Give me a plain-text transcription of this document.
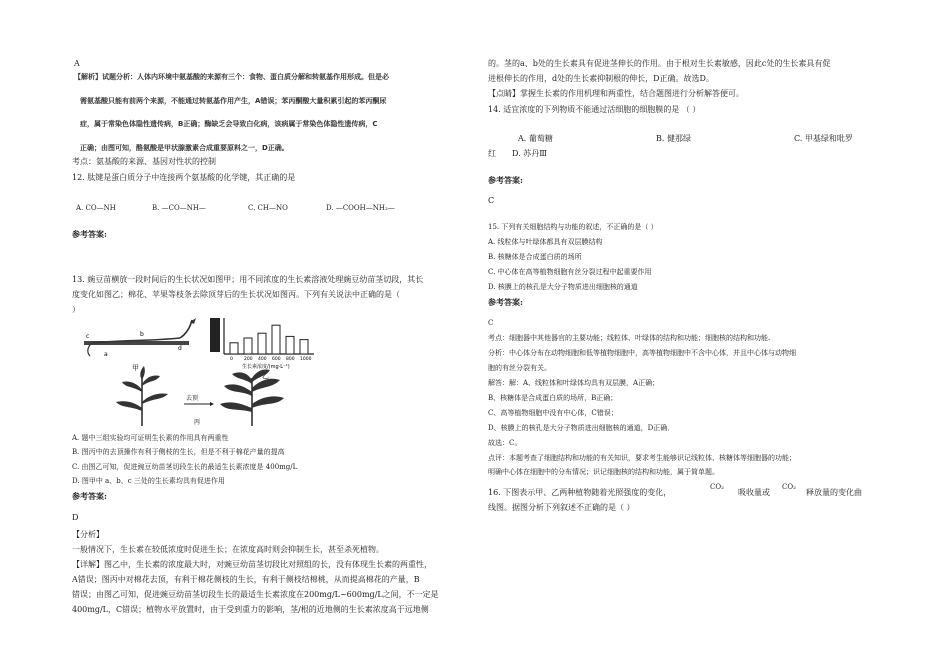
A
【解析】试题分析：人体内环境中氨基酸的来源有三个：食物、蛋白质分解和转氨基作用形成。但是必
需氨基酸只能有前两个来源，不能通过转氨基作用产生，A错误；苯丙酮酸大量积累引起的苯丙酮尿
症，属于常染色体隐性遗传病，B正确；酶缺乏会导致白化病，该病属于常染色体隐性遗传病，C
正确；由图可知，酪氨酸是甲状腺激素合成重要原料之一，D正确。
考点：氨基酸的来源、基因对性状的控制
12. 肽键是蛋白质分子中连接两个氨基酸的化学键，其正确的是
A. CO—NH	B. —CO—NH—	C. CH—NO	D. —COOH—NH₂—
参考答案:
13. 豌豆苗横放一段时间后的生长状况如图甲；用不同浓度的生长素溶液处理豌豆幼苗茎切段，其长
度变化如图乙；棉花、苹果等枝条去除顶芽后的生长状况如图丙。下列有关说法中正确的是（
）
a
c	b
d
甲
0 200 400 600 800 1000
生长素浓度/(mg·L⁻¹)
乙
去顶
丙
A. 题中三组实验均可证明生长素的作用具有两重性
B. 图丙中的去顶操作有利于侧枝的生长，但是不利于棉花产量的提高
C. 由图乙可知，促进豌豆幼苗茎切段生长的最适生长素浓度是 400mg/L
D. 图甲中 a、b、c 三处的生长素均具有促进作用
参考答案:
D
【分析】
一般情况下，生长素在较低浓度时促进生长；在浓度高时则会抑制生长，甚至杀死植物。
【详解】图乙中，生长素的浓度最大时，对豌豆幼苗茎切段比对照组的长，没有体现生长素的两重性，
A错误；图丙中对棉花去顶，有利于棉花侧枝的生长，有利于侧枝结棉桃，从而提高棉花的产量，B
错误；由图乙可知，促进豌豆幼苗茎切段生长的最适生长素浓度在200mg/L~600mg/L之间，不一定是
400mg/L，C错误；植物水平放置时，由于受到重力的影响，茎/根的近地侧的生长素浓度高于远地侧
的。茎的a、b处的生长素具有促进茎伸长的作用。由于根对生长素敏感，因此c处的生长素具有促
进根伸长的作用，d处的生长素抑制根的伸长，D正确。故选D。
【点睛】掌握生长素的作用机理和两重性，结合题图进行分析解答便可。
14. 适宜浓度的下列物质不能通过活细胞的细胞膜的是 （ ）
A. 葡萄糖	B. 健那绿	C. 甲基绿和吡罗
红 D. 苏丹Ⅲ
参考答案:
C
15. 下列有关细胞结构与功能的叙述，不正确的是（ ）
A. 线粒体与叶绿体都具有双层膜结构
B. 核糖体是合成蛋白质的场所
C. 中心体在高等植物细胞有丝分裂过程中起重要作用
D. 核膜上的核孔是大分子物质进出细胞核的通道
参考答案:
C
考点：细胞器中其他器官的主要功能；线粒体、叶绿体的结构和功能；细胞核的结构和功能.
分析：中心体分布在动物细胞和低等植物细胞中，高等植物细胞中不含中心体，并且中心体与动物细
胞的有丝分裂有关。
解答：解：A、线粒体和叶绿体均具有双层膜，A正确；
B、核糖体是合成蛋白质的场所，B正确；
C、高等植物细胞中没有中心体，C错误；
D、核膜上的核孔是大分子物质进出细胞核的通道，D正确．
故选：C。
点评：本题考查了细胞结构和功能的有关知识，要求考生能够识记线粒体、核糖体等细胞器的功能；
明确中心体在细胞中的分布情况；识记细胞核的结构和功能，属于简单题。
16. 下图表示甲、乙两种植物随着光照强度的变化，
CO₂
吸收量或
CO₂
释放量的变化曲
线图。据图分析下列叙述不正确的是（ ）
